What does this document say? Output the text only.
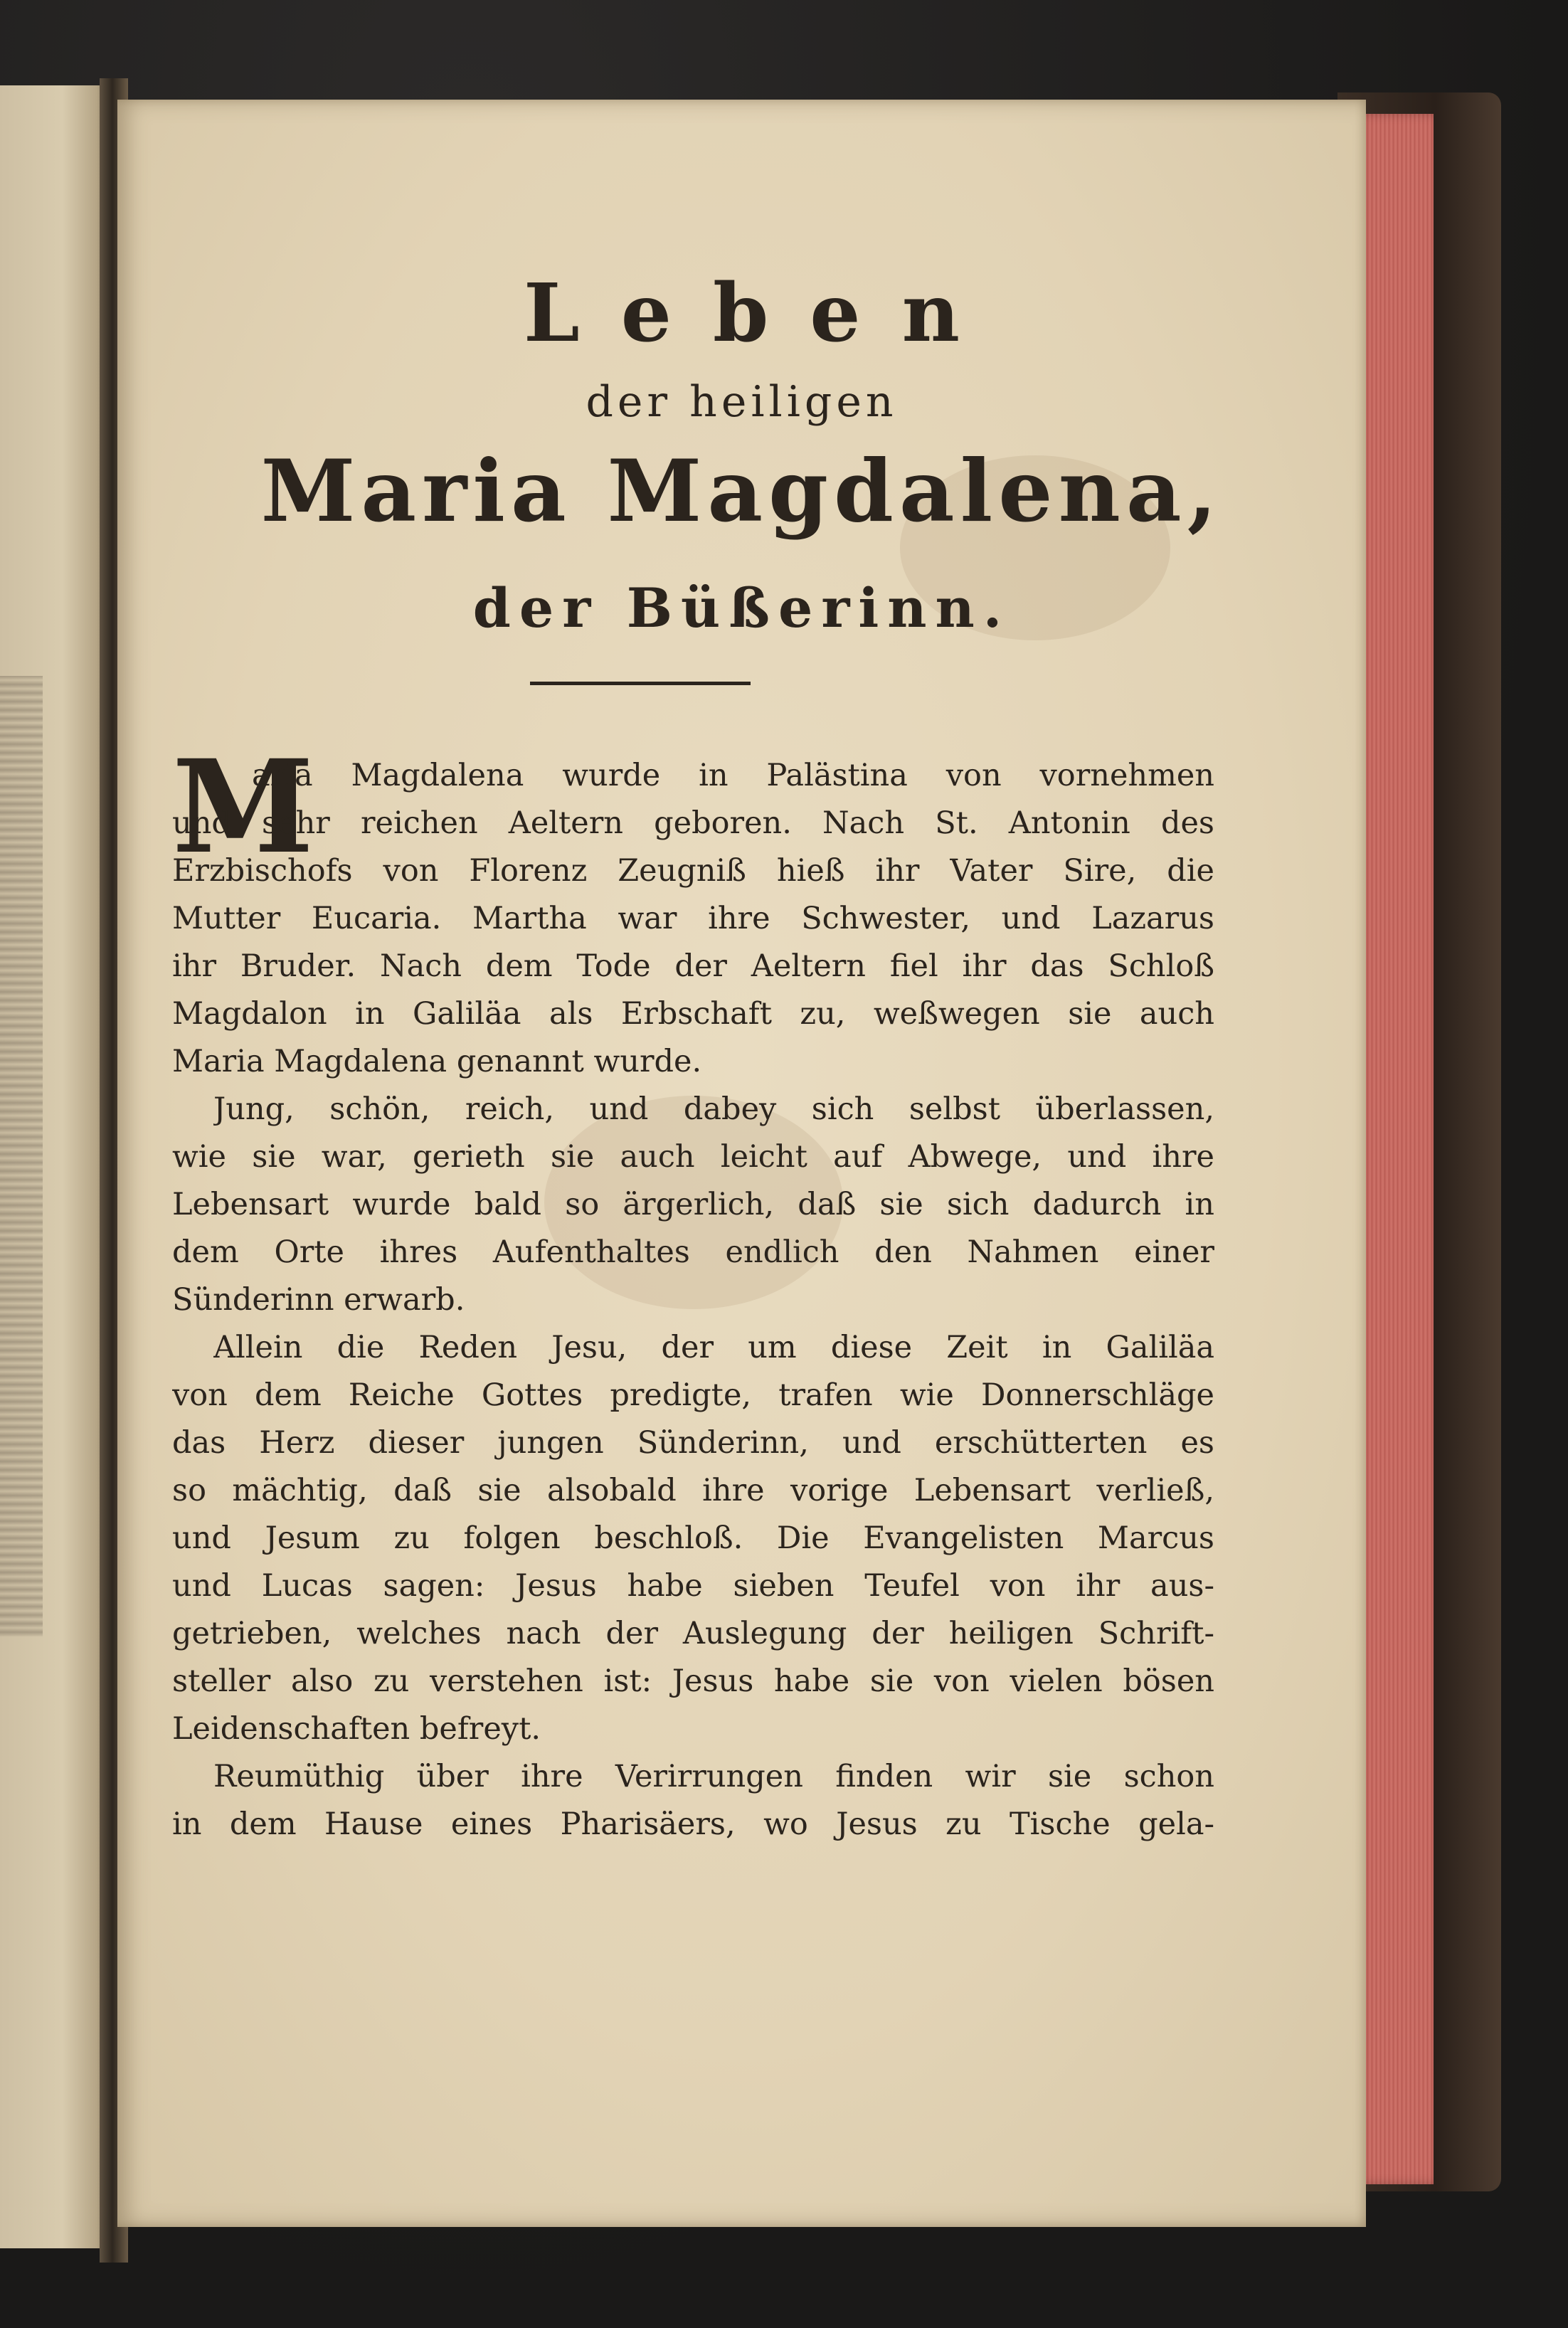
Leben
der heiligen
Maria Magdalena,
der Büßerinn.
M
aria Magdalena wurde in Palästina von vornehmen
und sehr reichen Aeltern geboren. Nach St. Antonin des
Erzbischofs von Florenz Zeugniß hieß ihr Vater Sire, die
Mutter Eucaria. Martha war ihre Schwester, und Lazarus
ihr Bruder. Nach dem Tode der Aeltern fiel ihr das Schloß
Magdalon in Galiläa als Erbschaft zu, weßwegen sie auch
Maria Magdalena genannt wurde.
Jung, schön, reich, und dabey sich selbst überlassen,
wie sie war, gerieth sie auch leicht auf Abwege, und ihre
Lebensart wurde bald so ärgerlich, daß sie sich dadurch in
dem Orte ihres Aufenthaltes endlich den Nahmen einer
Sünderinn erwarb.
Allein die Reden Jesu, der um diese Zeit in Galiläa
von dem Reiche Gottes predigte, trafen wie Donnerschläge
das Herz dieser jungen Sünderinn, und erschütterten es
so mächtig, daß sie alsobald ihre vorige Lebensart verließ,
und Jesum zu folgen beschloß. Die Evangelisten Marcus
und Lucas sagen: Jesus habe sieben Teufel von ihr aus-
getrieben, welches nach der Auslegung der heiligen Schrift-
steller also zu verstehen ist: Jesus habe sie von vielen bösen
Leidenschaften befreyt.
Reumüthig über ihre Verirrungen finden wir sie schon
in dem Hause eines Pharisäers, wo Jesus zu Tische gela-
